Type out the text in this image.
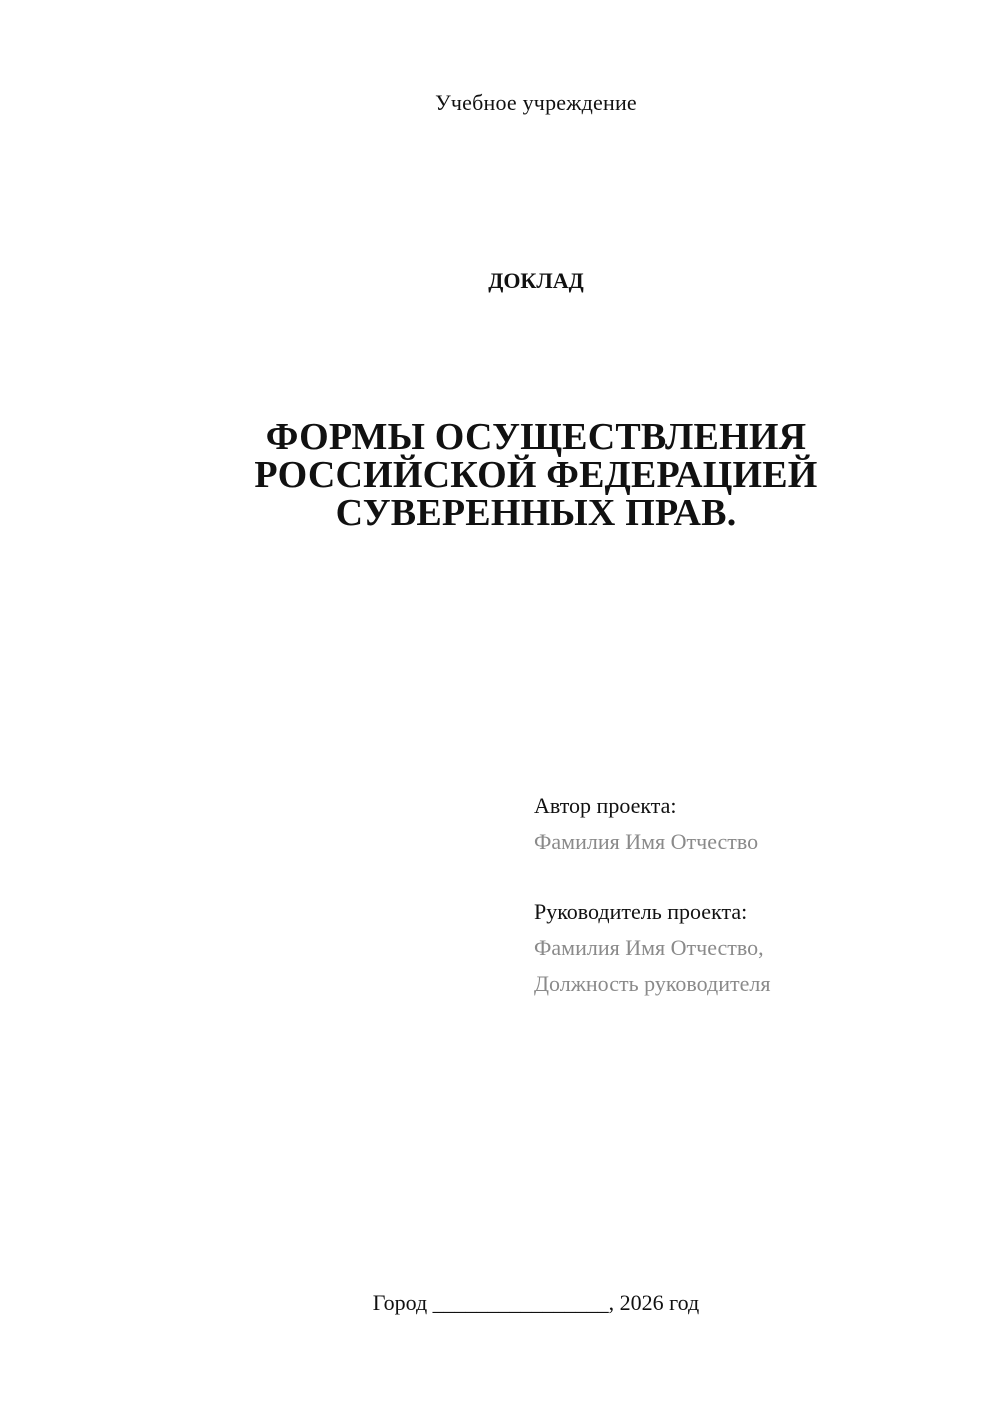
Учебное учреждение
ДОКЛАД
ФОРМЫ ОСУЩЕСТВЛЕНИЯ
РОССИЙСКОЙ ФЕДЕРАЦИЕЙ
СУВЕРЕННЫХ ПРАВ.
Автор проекта:
Фамилия Имя Отчество
Руководитель проекта:
Фамилия Имя Отчество,
Должность руководителя
Город ________________, 2026 год
